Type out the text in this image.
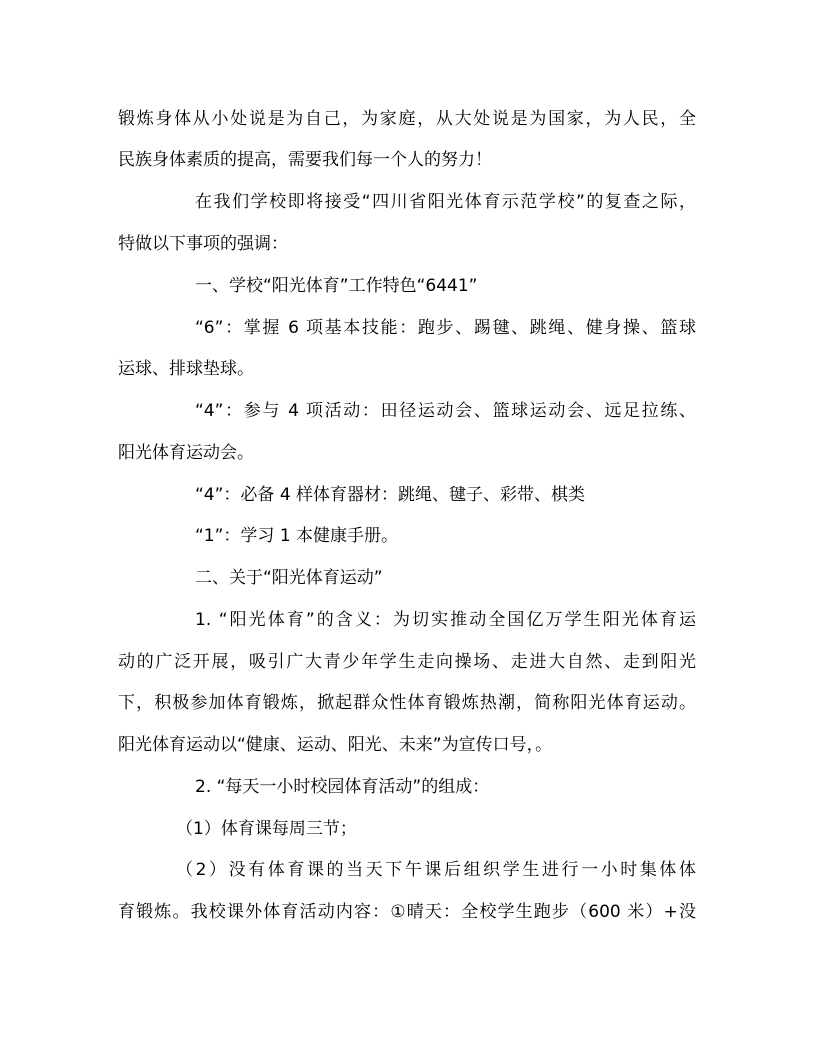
锻炼身体从小处说是为自己，为家庭，从大处说是为国家，为人民，全
民族身体素质的提高，需要我们每一个人的努力！
在我们学校即将接受“四川省阳光体育示范学校”的复查之际，
特做以下事项的强调：
一、学校“阳光体育”工作特色“6441”
“6”：掌握 6 项基本技能：跑步、踢毽、跳绳、健身操、篮球
运球、排球垫球。
“4”：参与 4 项活动：田径运动会、篮球运动会、远足拉练、
阳光体育运动会。
“4”：必备 4 样体育器材：跳绳、毽子、彩带、棋类
“1”：学习 1 本健康手册。
二、关于“阳光体育运动”
1. “阳光体育”的含义：为切实推动全国亿万学生阳光体育运
动的广泛开展，吸引广大青少年学生走向操场、走进大自然、走到阳光
下，积极参加体育锻炼，掀起群众性体育锻炼热潮，简称阳光体育运动。
阳光体育运动以“健康、运动、阳光、未来”为宣传口号，。
2. “每天一小时校园体育活动”的组成：
（1）体育课每周三节；
（2）没有体育课的当天下午课后组织学生进行一小时集体体
育锻炼。我校课外体育活动内容：①晴天：全校学生跑步（600 米）+没
